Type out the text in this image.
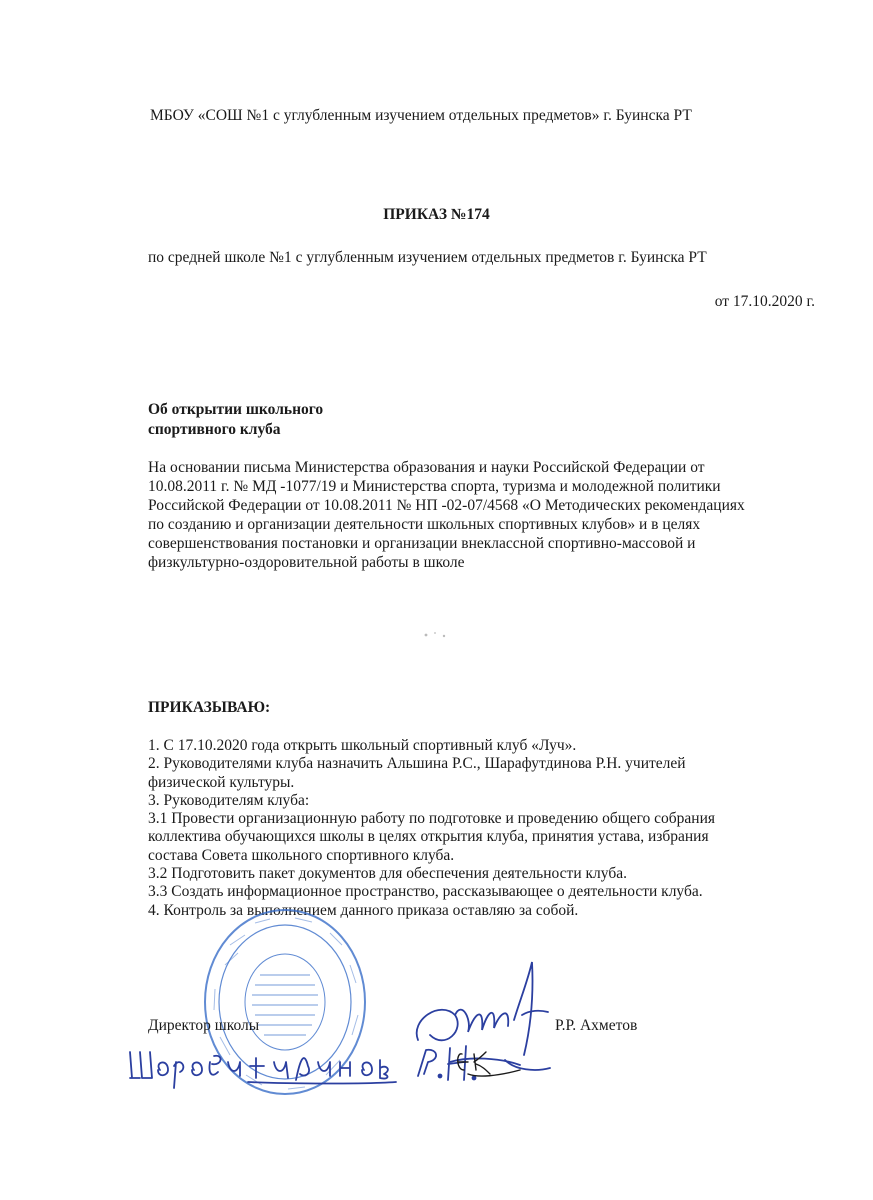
МБОУ «СОШ №1 с углубленным изучением отдельных предметов» г. Буинска РТ
ПРИКАЗ №174
по средней школе №1 с углубленным изучением отдельных предметов г. Буинска РТ
от 17.10.2020 г.
Об открытии школьного
спортивного клуба
На основании письма Министерства образования и науки Российской Федерации от
10.08.2011 г. № МД -1077/19 и Министерства спорта, туризма и молодежной политики
Российской Федерации от 10.08.2011 № НП -02-07/4568 «О Методических рекомендациях
по созданию и организации деятельности школьных спортивных клубов» и в целях
совершенствования постановки и организации внеклассной спортивно-массовой и
физкультурно-оздоровительной работы в школе
ПРИКАЗЫВАЮ:
1. С 17.10.2020 года открыть школьный спортивный клуб «Луч».
2. Руководителями клуба назначить Альшина Р.С., Шарафутдинова Р.Н. учителей
физической культуры.
3. Руководителям клуба:
3.1 Провести организационную работу по подготовке и проведению общего собрания
коллектива обучающихся школы в целях открытия клуба, принятия устава, избрания
состава Совета школьного спортивного клуба.
3.2 Подготовить пакет документов для обеспечения деятельности клуба.
3.3 Создать информационное пространство, рассказывающее о деятельности клуба.
4. Контроль за выполнением данного приказа оставляю за собой.
Директор школы	Р.Р. Ахметов
